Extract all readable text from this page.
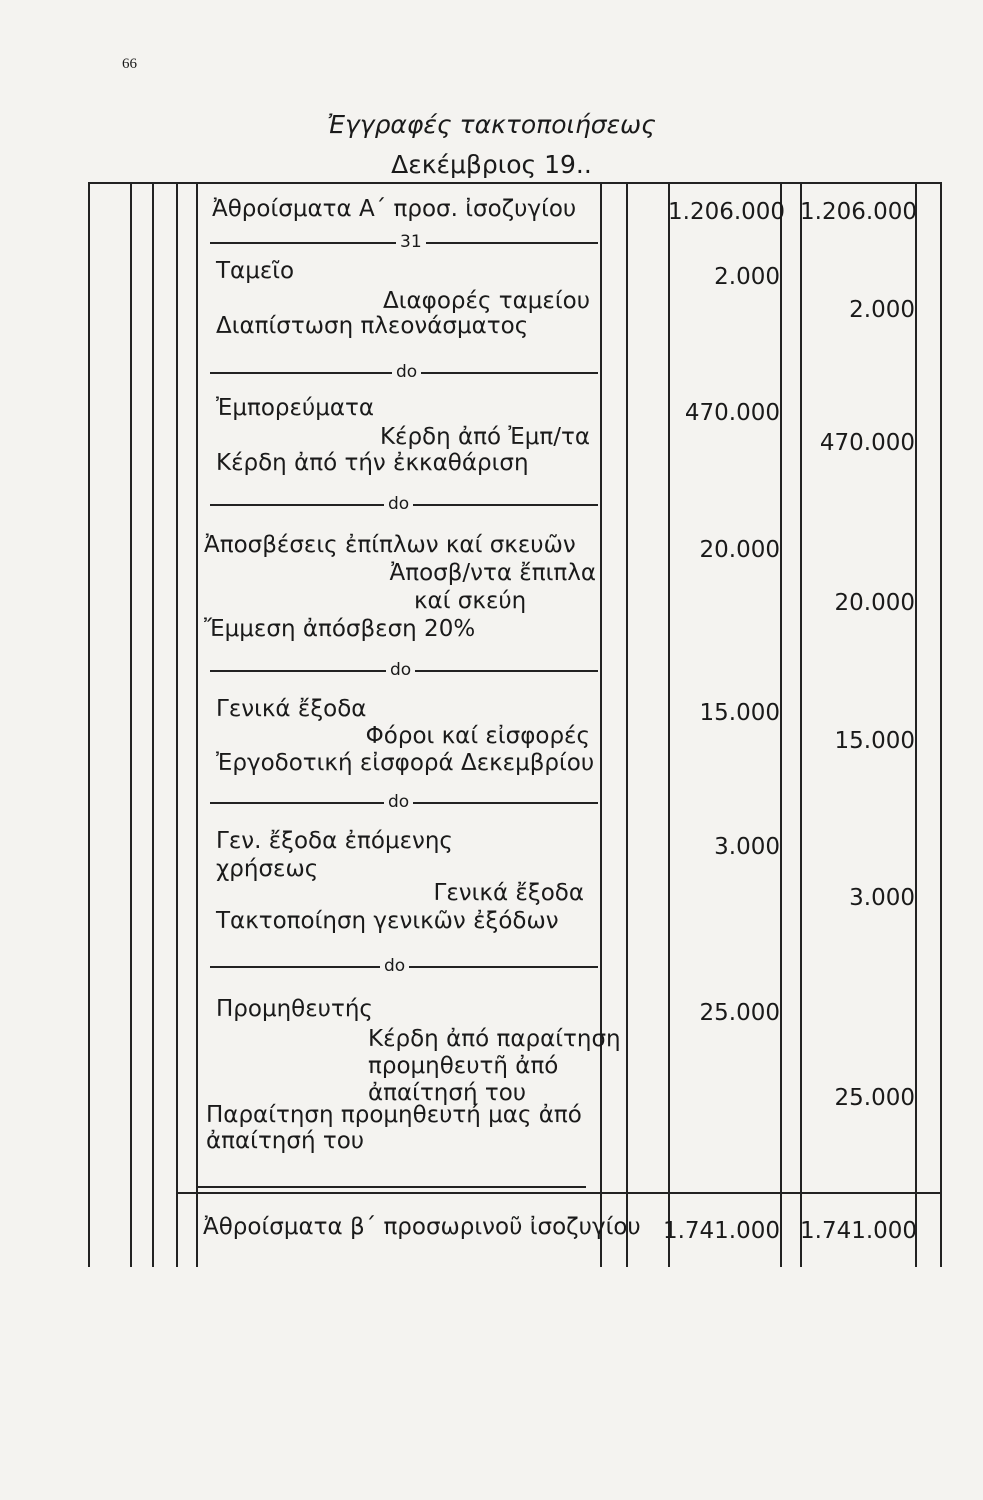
66
Ἐγγραφές τακτοποιήσεως
Δεκέμβριος 19..
Ἀθροίσματα Α΄ προσ. ἰσοζυγίου	1.206.000 1.206.000
31
Ταμεῖο
Διαφορές ταμείου
Διαπίστωση πλεονάσματος
2.000
2.000
do
Ἐμπορεύματα
Κέρδη ἀπό Ἐμπ/τα
Κέρδη ἀπό τήν ἐκκαθάριση
470.000
470.000
do
Ἀποσβέσεις ἐπίπλων καί σκευῶν
Ἀποσβ/ντα ἔπιπλα
καί σκεύη
Ἔμμεση ἀπόσβεση 20%
20.000
20.000
do
Γενικά ἔξοδα
Φόροι καί εἰσφορές
Ἐργοδοτική εἰσφορά Δεκεμβρίου
15.000
15.000
do
Γεν. ἔξοδα ἐπόμενης
χρήσεως
Γενικά ἔξοδα
Τακτοποίηση γενικῶν ἐξόδων
3.000
3.000
do
Προμηθευτής
Κέρδη ἀπό παραίτηση
προμηθευτῆ ἀπό
ἀπαίτησή του
Παραίτηση προμηθευτή μας ἀπό
ἀπαίτησή του
25.000
25.000
Ἀθροίσματα β΄ προσωρινοῦ ἰσοζυγίου 1.741.000 1.741.000
